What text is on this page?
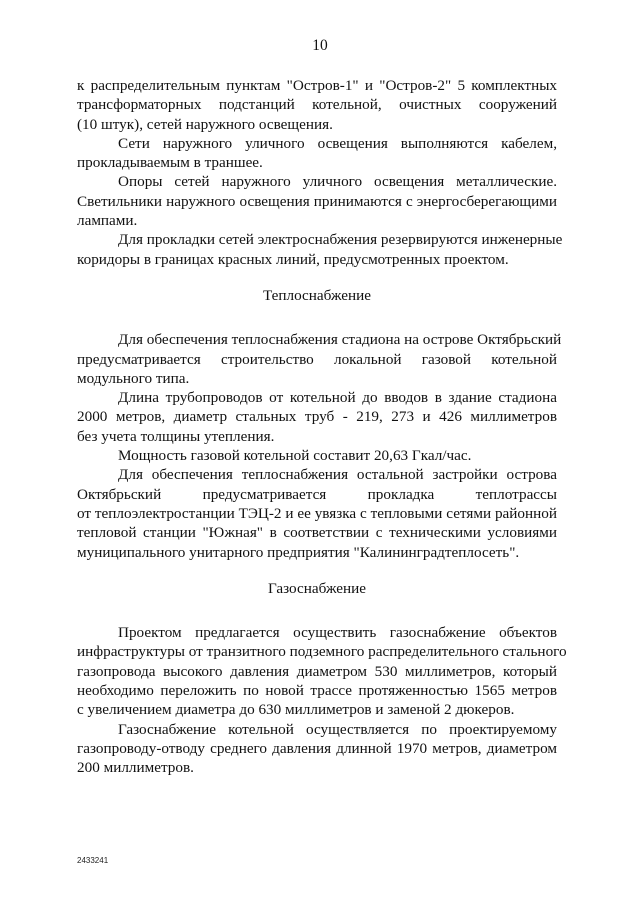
10
к распределительным пунктам "Остров-1" и "Остров-2" 5 комплектных
трансформаторных подстанций котельной, очистных сооружений
(10 штук), сетей наружного освещения.
Сети наружного уличного освещения выполняются кабелем,
прокладываемым в траншее.
Опоры сетей наружного уличного освещения металлические.
Светильники наружного освещения принимаются с энергосберегающими
лампами.
Для прокладки сетей электроснабжения резервируются инженерные
коридоры в границах красных линий, предусмотренных проектом.
Теплоснабжение
Для обеспечения теплоснабжения стадиона на острове Октябрьский
предусматривается строительство локальной газовой котельной
модульного типа.
Длина трубопроводов от котельной до вводов в здание стадиона
2000 метров, диаметр стальных труб - 219, 273 и 426 миллиметров
без учета толщины утепления.
Мощность газовой котельной составит 20,63 Гкал/час.
Для обеспечения теплоснабжения остальной застройки острова
Октябрьский предусматривается прокладка теплотрассы
от теплоэлектростанции ТЭЦ-2 и ее увязка с тепловыми сетями районной
тепловой станции "Южная" в соответствии с техническими условиями
муниципального унитарного предприятия "Калининградтеплосеть".
Газоснабжение
Проектом предлагается осуществить газоснабжение объектов
инфраструктуры от транзитного подземного распределительного стального
газопровода высокого давления диаметром 530 миллиметров, который
необходимо переложить по новой трассе протяженностью 1565 метров
с увеличением диаметра до 630 миллиметров и заменой 2 дюкеров.
Газоснабжение котельной осуществляется по проектируемому
газопроводу-отводу среднего давления длинной 1970 метров, диаметром
200 миллиметров.
2433241
